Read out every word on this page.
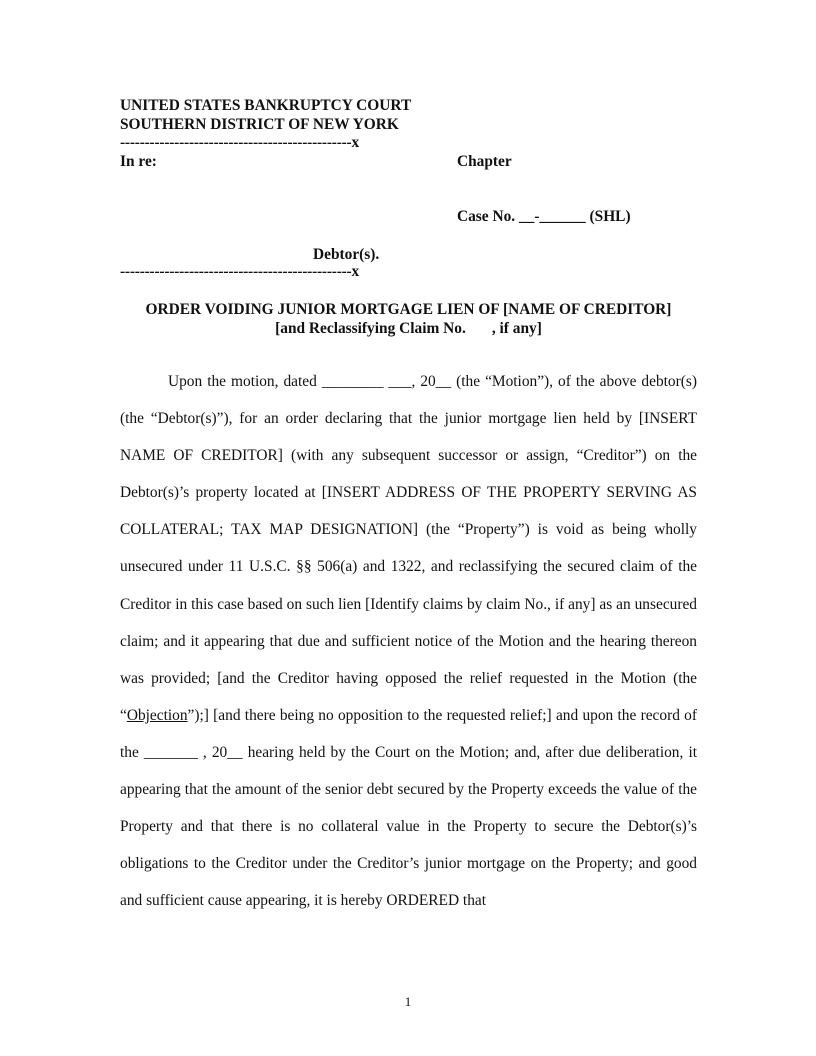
UNITED STATES BANKRUPTCY COURT
SOUTHERN DISTRICT OF NEW YORK
-----------------------------------------------x
In re:	Chapter
Case No. __-______ (SHL)
Debtor(s).
-----------------------------------------------x
ORDER VOIDING JUNIOR MORTGAGE LIEN OF [NAME OF CREDITOR]
[and Reclassifying Claim No. , if any]
Upon the motion, dated ________ ___, 20__ (the “Motion”), of the above debtor(s) (the “Debtor(s)”), for an order declaring that the junior mortgage lien held by [INSERT NAME OF CREDITOR] (with any subsequent successor or assign, “Creditor”) on the Debtor(s)’s property located at [INSERT ADDRESS OF THE PROPERTY SERVING AS COLLATERAL; TAX MAP DESIGNATION] (the “Property”) is void as being wholly unsecured under 11 U.S.C. §§ 506(a) and 1322, and reclassifying the secured claim of the Creditor in this case based on such lien [Identify claims by claim No., if any] as an unsecured claim; and it appearing that due and sufficient notice of the Motion and the hearing thereon was provided; [and the Creditor having opposed the relief requested in the Motion (the “Objection”);] [and there being no opposition to the requested relief;] and upon the record of the _______ , 20__ hearing held by the Court on the Motion; and, after due deliberation, it appearing that the amount of the senior debt secured by the Property exceeds the value of the Property and that there is no collateral value in the Property to secure the Debtor(s)’s obligations to the Creditor under the Creditor’s junior mortgage on the Property; and good and sufficient cause appearing, it is hereby ORDERED that
1
